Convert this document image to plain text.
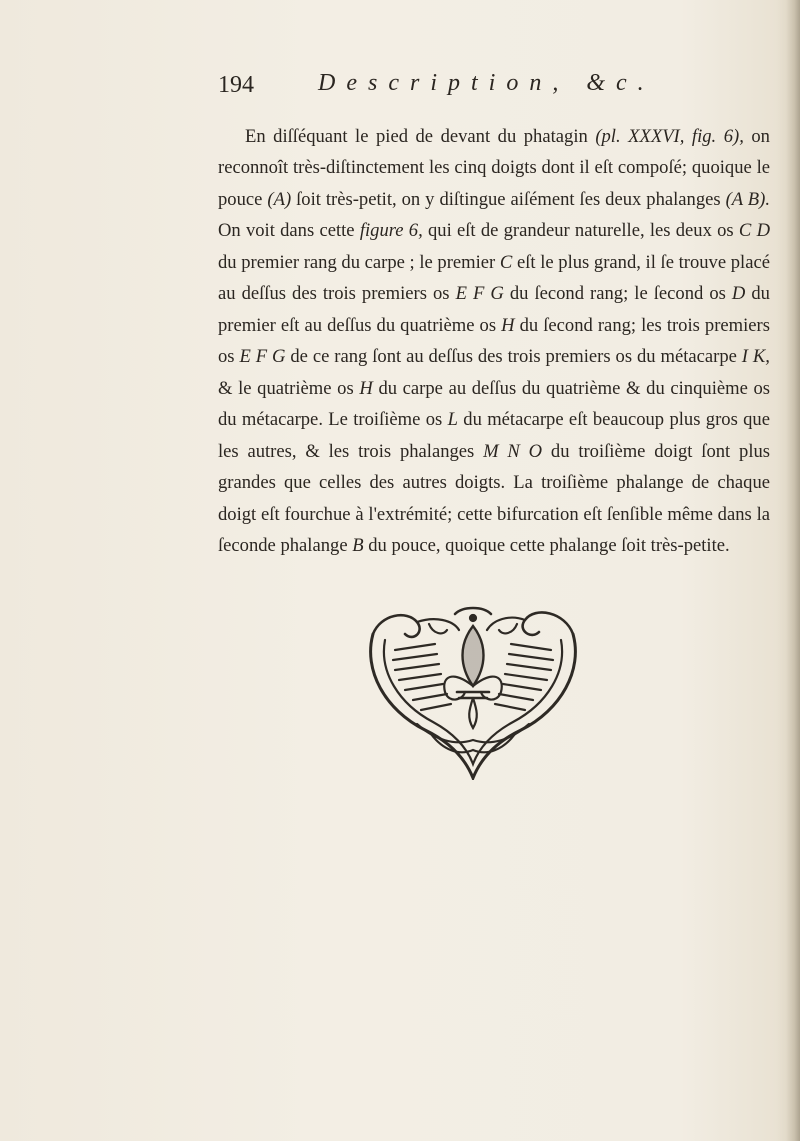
194	Description, &c.

En diſſéquant le pied de devant du phatagin (pl. XXXVI, fig. 6), on reconnoît très-diſtinctement les cinq doigts dont il eſt compoſé; quoique le pouce (A) ſoit très-petit, on y diſtingue aiſément ſes deux phalanges (A B). On voit dans cette figure 6, qui eſt de grandeur naturelle, les deux os C D du premier rang du carpe ; le premier C eſt le plus grand, il ſe trouve placé au deſſus des trois premiers os E F G du ſecond rang; le ſecond os D du premier eſt au deſſus du quatrième os H du ſecond rang; les trois premiers os E F G de ce rang ſont au deſſus des trois premiers os du métacarpe I K, & le quatrième os H du carpe au deſſus du quatrième & du cinquième os du métacarpe. Le troiſième os L du métacarpe eſt beaucoup plus gros que les autres, & les trois phalanges M N O du troiſième doigt ſont plus grandes que celles des autres doigts. La troiſième phalange de chaque doigt eſt fourchue à l'extrémité; cette bifurcation eſt ſenſible même dans la ſeconde phalange B du pouce, quoique cette phalange ſoit très-petite.
